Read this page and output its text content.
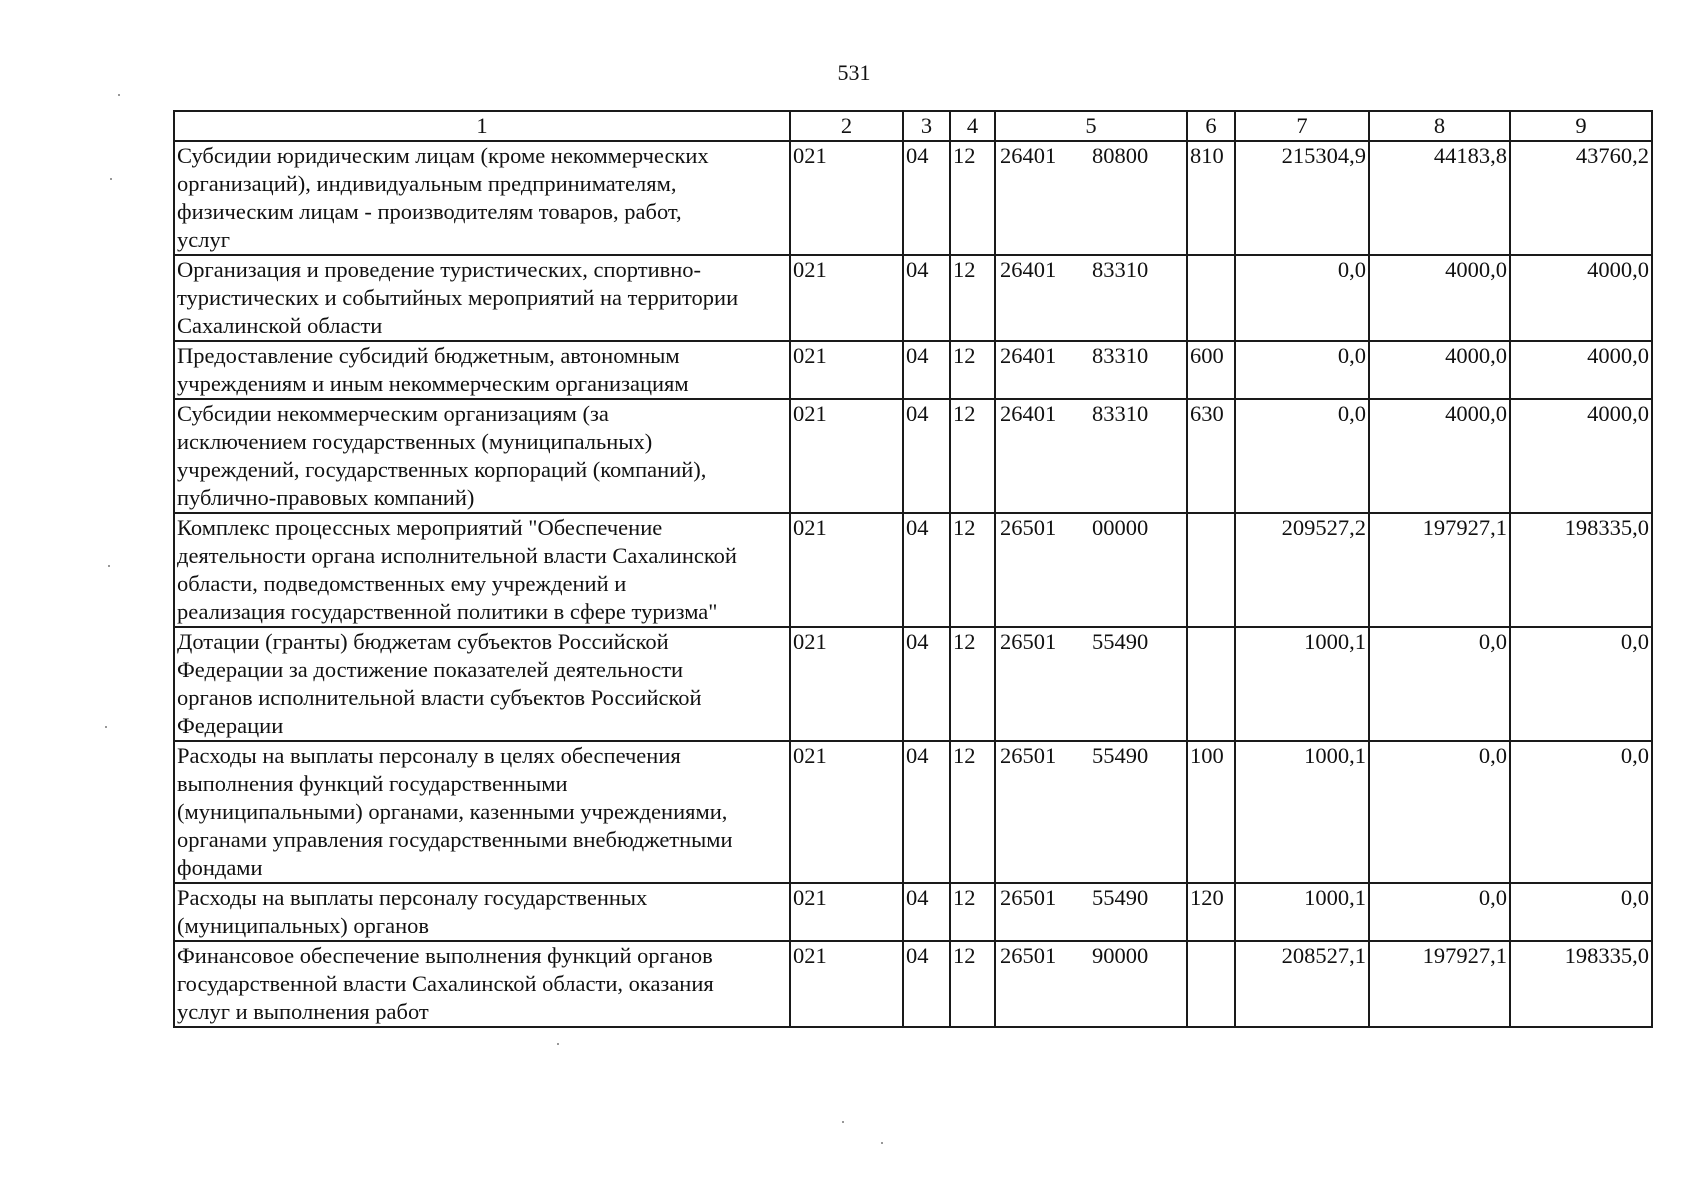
531
1	2	3	4	5	6	7	8	9
Субсидии юридическим лицам (кроме некоммерческих
организаций), индивидуальным предпринимателям,
физическим лицам - производителям товаров, работ,
услуг	021	04	12	26401 80800	810	215304,9	44183,8	43760,2
Организация и проведение туристических, спортивно-
туристических и событийных мероприятий на территории
Сахалинской области	021	04	12	26401 83310		0,0	4000,0	4000,0
Предоставление субсидий бюджетным, автономным
учреждениям и иным некоммерческим организациям	021	04	12	26401 83310	600	0,0	4000,0	4000,0
Субсидии некоммерческим организациям (за
исключением государственных (муниципальных)
учреждений, государственных корпораций (компаний),
публично-правовых компаний)	021	04	12	26401 83310	630	0,0	4000,0	4000,0
Комплекс процессных мероприятий "Обеспечение
деятельности органа исполнительной власти Сахалинской
области, подведомственных ему учреждений и
реализация государственной политики в сфере туризма"	021	04	12	26501 00000		209527,2	197927,1	198335,0
Дотации (гранты) бюджетам субъектов Российской
Федерации за достижение показателей деятельности
органов исполнительной власти субъектов Российской
Федерации	021	04	12	26501 55490		1000,1	0,0	0,0
Расходы на выплаты персоналу в целях обеспечения
выполнения функций государственными
(муниципальными) органами, казенными учреждениями,
органами управления государственными внебюджетными
фондами	021	04	12	26501 55490	100	1000,1	0,0	0,0
Расходы на выплаты персоналу государственных
(муниципальных) органов	021	04	12	26501 55490	120	1000,1	0,0	0,0
Финансовое обеспечение выполнения функций органов
государственной власти Сахалинской области, оказания
услуг и выполнения работ	021	04	12	26501 90000		208527,1	197927,1	198335,0
